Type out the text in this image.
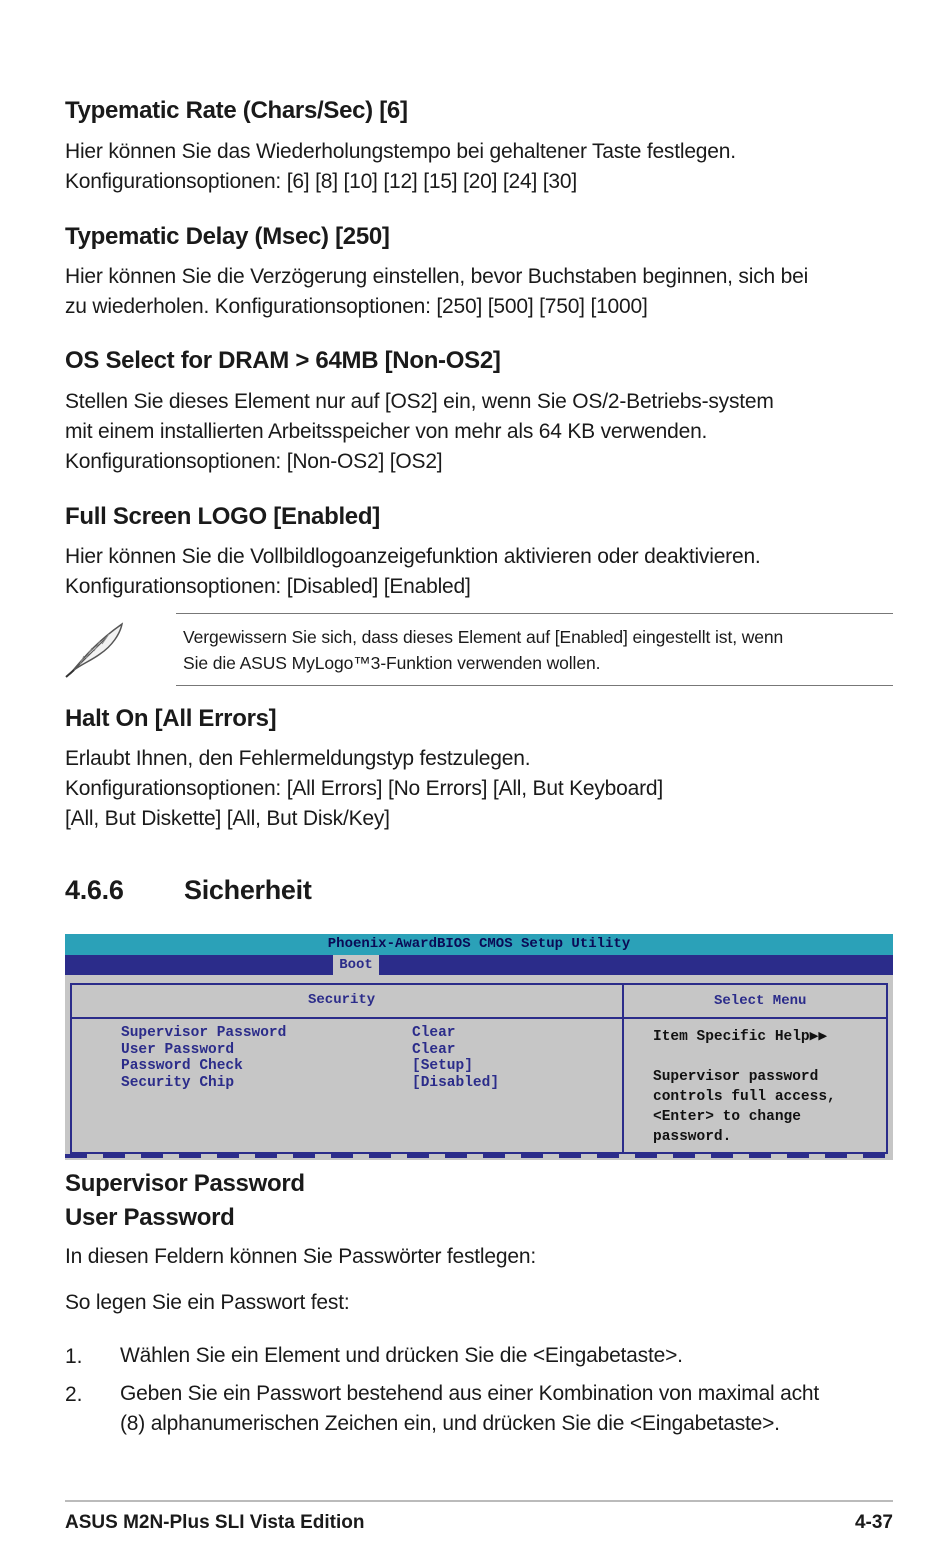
Typematic Rate (Chars/Sec) [6]
Hier können Sie das Wiederholungstempo bei gehaltener Taste festlegen.
Konfigurationsoptionen: [6] [8] [10] [12] [15] [20] [24] [30]
Typematic Delay (Msec) [250]
Hier können Sie die Verzögerung einstellen, bevor Buchstaben beginnen, sich bei
zu wiederholen. Konfigurationsoptionen: [250] [500] [750] [1000]
OS Select for DRAM > 64MB [Non-OS2]
Stellen Sie dieses Element nur auf [OS2] ein, wenn Sie OS/2-Betriebs-system
mit einem installierten Arbeitsspeicher von mehr als 64 KB verwenden.
Konfigurationsoptionen: [Non-OS2] [OS2]
Full Screen LOGO [Enabled]
Hier können Sie die Vollbildlogoanzeigefunktion aktivieren oder deaktivieren.
Konfigurationsoptionen: [Disabled] [Enabled]
Vergewissern Sie sich, dass dieses Element auf [Enabled] eingestellt ist, wenn
Sie die ASUS MyLogo™3-Funktion verwenden wollen.
Halt On [All Errors]
Erlaubt Ihnen, den Fehlermeldungstyp festzulegen.
Konfigurationsoptionen: [All Errors] [No Errors] [All, But Keyboard]
[All, But Diskette] [All, But Disk/Key]
4.6.6 Sicherheit
Phoenix-AwardBIOS CMOS Setup Utility
Boot
Security	Select Menu
Supervisor Password	Clear
User Password	Clear
Password Check	[Setup]
Security Chip	[Disabled]
Item Specific Help▶▶
Supervisor password
controls full access,
<Enter> to change
password.
Supervisor Password
User Password
In diesen Feldern können Sie Passwörter festlegen:
So legen Sie ein Passwort fest:
1. Wählen Sie ein Element und drücken Sie die <Eingabetaste>.
2. Geben Sie ein Passwort bestehend aus einer Kombination von maximal acht
(8) alphanumerischen Zeichen ein, und drücken Sie die <Eingabetaste>.
ASUS M2N-Plus SLI Vista Edition	4-37
